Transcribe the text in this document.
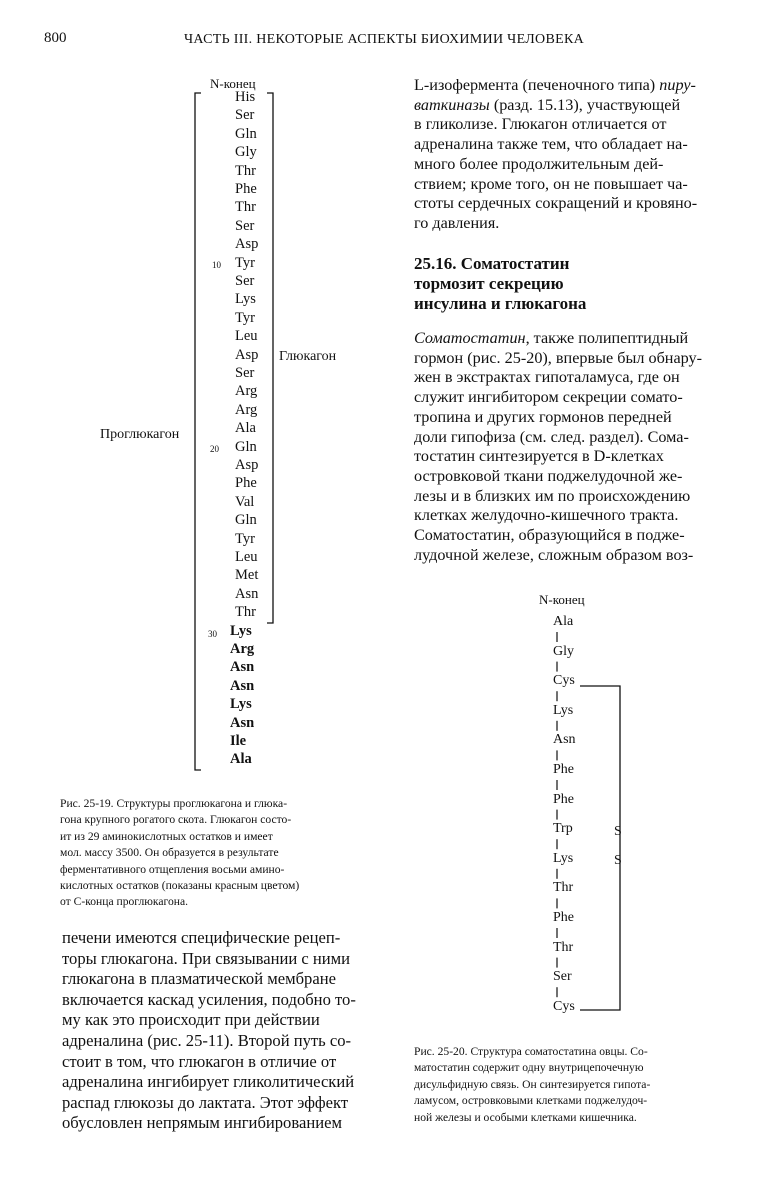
800	ЧАСТЬ III. НЕКОТОРЫЕ АСПЕКТЫ БИОХИМИИ ЧЕЛОВЕКА
N-конец
His
Ser
Gln
Gly
Thr
Phe
Thr
Ser
Asp
Tyr
Ser
Lys
Tyr
Leu
Asp
Ser
Arg
Arg
Ala
Gln
Asp
Phe
Val
Gln
Tyr
Leu
Met
Asn
Thr
Lys
Arg
Asn
Asn
Lys
Asn
Ile
Ala
10
20
30
Глюкагон
Проглюкагон
Рис. 25-19. Структуры проглюкагона и глюка-
гона крупного рогатого скота. Глюкагон состо-
ит из 29 аминокислотных остатков и имеет
мол. массу 3500. Он образуется в результате
ферментативного отщепления восьми амино-
кислотных остатков (показаны красным цветом)
от С-конца проглюкагона.
печени имеются специфические рецеп-
торы глюкагона. При связывании с ними
глюкагона в плазматической мембране
включается каскад усиления, подобно то-
му как это происходит при действии
адреналина (рис. 25-11). Второй путь со-
стоит в том, что глюкагон в отличие от
адреналина ингибирует гликолитический
распад глюкозы до лактата. Этот эффект
обусловлен непрямым ингибированием
L-изофермента (печеночного типа) пиру-
ваткиназы (разд. 15.13), участвующей
в гликолизе. Глюкагон отличается от
адреналина также тем, что обладает на-
много более продолжительным дей-
ствием; кроме того, он не повышает ча-
стоты сердечных сокращений и кровяно-
го давления.
25.16. Соматостатин
тормозит секрецию
инсулина и глюкагона
Соматостатин, также полипептидный
гормон (рис. 25-20), впервые был обнару-
жен в экстрактах гипоталамуса, где он
служит ингибитором секреции сомато-
тропина и других гормонов передней
доли гипофиза (см. след. раздел). Сома-
тостатин синтезируется в D-клетках
островковой ткани поджелудочной же-
лезы и в близких им по происхождению
клетках желудочно-кишечного тракта.
Соматостатин, образующийся в подже-
лудочной железе, сложным образом воз-
N-конец
Ala
Gly
Cys
Lys
Asn
Phe
Phe
Trp
Lys
Thr
Phe
Thr
Ser
Cys
S
S
Рис. 25-20. Структура соматостатина овцы. Со-
матостатин содержит одну внутрицепочечную
дисульфидную связь. Он синтезируется гипота-
ламусом, островковыми клетками поджелудоч-
ной железы и особыми клетками кишечника.
